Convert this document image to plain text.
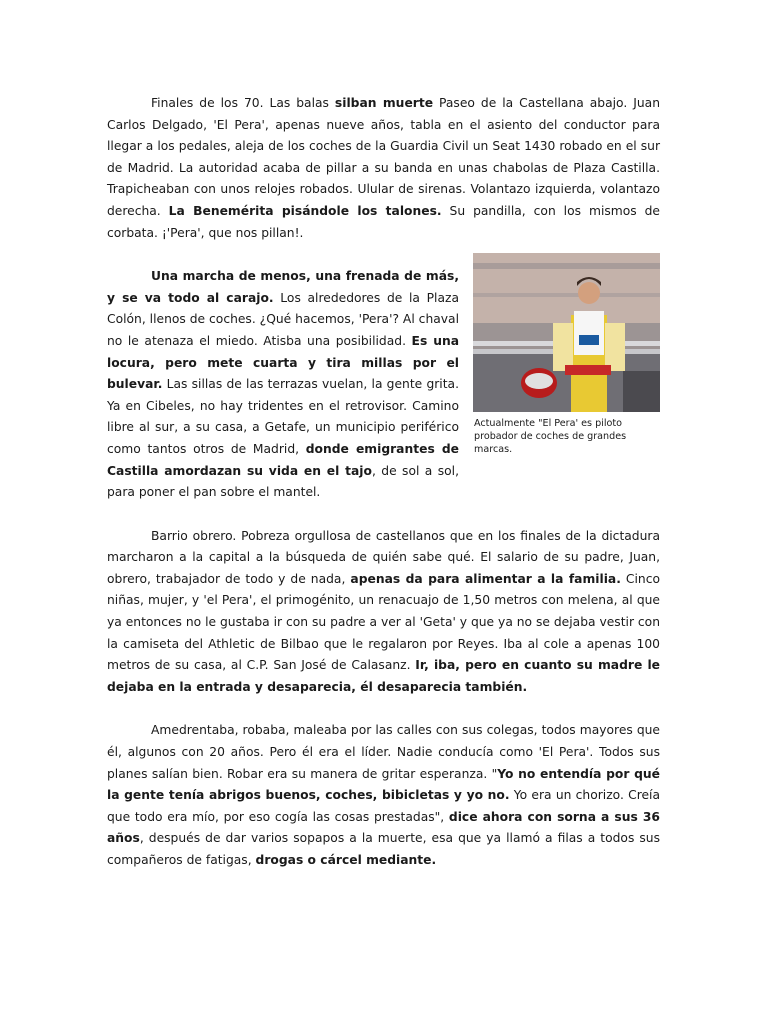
Finales de los 70. Las balas silban muerte Paseo de la Castellana abajo. Juan Carlos Delgado, 'El Pera', apenas nueve años, tabla en el asiento del conductor para llegar a los pedales, aleja de los coches de la Guardia Civil un Seat 1430 robado en el sur de Madrid. La autoridad acaba de pillar a su banda en unas chabolas de Plaza Castilla. Trapicheaban con unos relojes robados. Ulular de sirenas. Volantazo izquierda, volantazo derecha. La Benemérita pisándole los talones. Su pandilla, con los mismos de corbata. ¡'Pera', que nos pillan!.

Actualmente "El Pera' es piloto probador de coches de grandes marcas.

Una marcha de menos, una frenada de más, y se va todo al carajo. Los alrededores de la Plaza Colón, llenos de coches. ¿Qué hacemos, 'Pera'? Al chaval no le atenaza el miedo. Atisba una posibilidad. Es una locura, pero mete cuarta y tira millas por el bulevar. Las sillas de las terrazas vuelan, la gente grita. Ya en Cibeles, no hay tridentes en el retrovisor. Camino libre al sur, a su casa, a Getafe, un municipio periférico como tantos otros de Madrid, donde emigrantes de Castilla amordazan su vida en el tajo, de sol a sol, para poner el pan sobre el mantel.

Barrio obrero. Pobreza orgullosa de castellanos que en los finales de la dictadura marcharon a la capital a la búsqueda de quién sabe qué. El salario de su padre, Juan, obrero, trabajador de todo y de nada, apenas da para alimentar a la familia. Cinco niñas, mujer, y 'el Pera', el primogénito, un renacuajo de 1,50 metros con melena, al que ya entonces no le gustaba ir con su padre a ver al 'Geta' y que ya no se dejaba vestir con la camiseta del Athletic de Bilbao que le regalaron por Reyes. Iba al cole a apenas 100 metros de su casa, al C.P. San José de Calasanz. Ir, iba, pero en cuanto su madre le dejaba en la entrada y desaparecia, él desaparecia también.

Amedrentaba, robaba, maleaba por las calles con sus colegas, todos mayores que él, algunos con 20 años. Pero él era el líder. Nadie conducía como 'El Pera'. Todos sus planes salían bien. Robar era su manera de gritar esperanza. "Yo no entendía por qué la gente tenía abrigos buenos, coches, bibicletas y yo no. Yo era un chorizo. Creía que todo era mío, por eso cogía las cosas prestadas", dice ahora con sorna a sus 36 años, después de dar varios sopapos a la muerte, esa que ya llamó a filas a todos sus compañeros de fatigas, drogas o cárcel mediante.
